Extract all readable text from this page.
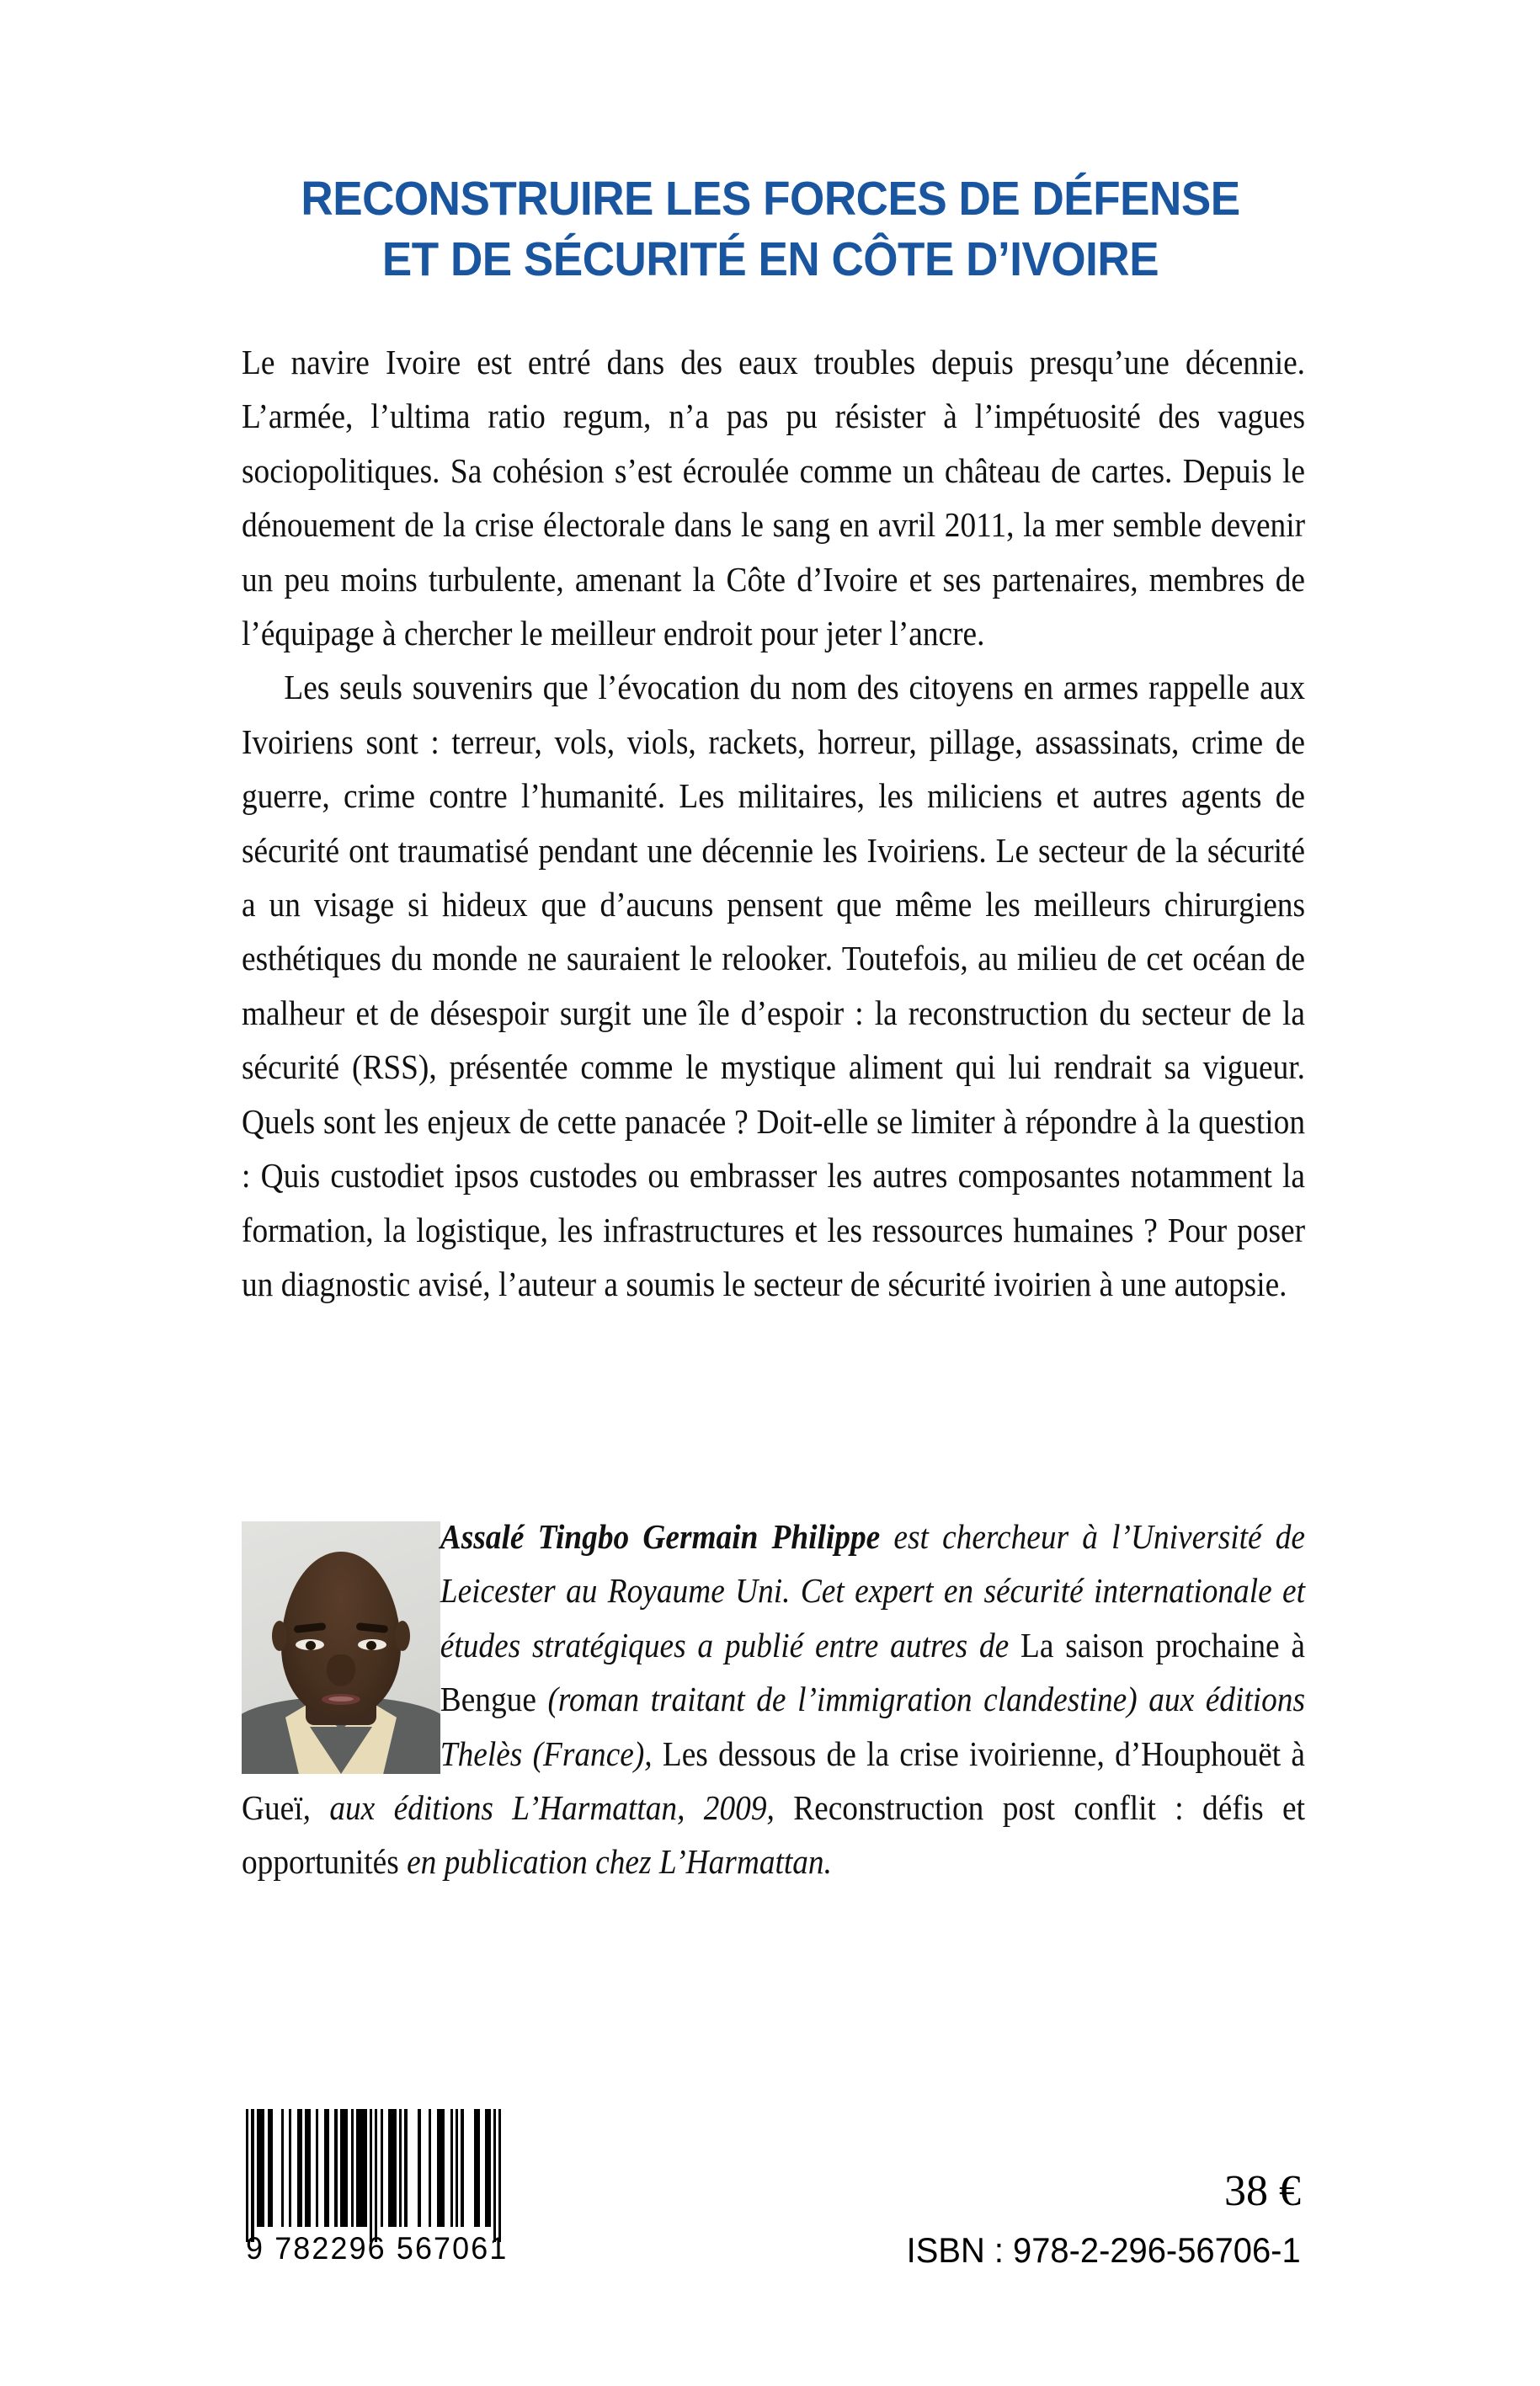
RECONSTRUIRE LES FORCES DE DÉFENSE
ET DE SÉCURITÉ EN CÔTE D’IVOIRE

Le navire Ivoire est entré dans des eaux troubles depuis presqu’une décennie. L’armée, l’ultima ratio regum, n’a pas pu résister à l’impétuosité des vagues sociopolitiques. Sa cohésion s’est écroulée comme un château de cartes. Depuis le dénouement de la crise électorale dans le sang en avril 2011, la mer semble devenir un peu moins turbulente, amenant la Côte d’Ivoire et ses partenaires, membres de l’équipage à chercher le meilleur endroit pour jeter l’ancre.

Les seuls souvenirs que l’évocation du nom des citoyens en armes rappelle aux Ivoiriens sont : terreur, vols, viols, rackets, horreur, pillage, assassinats, crime de guerre, crime contre l’humanité. Les militaires, les miliciens et autres agents de sécurité ont traumatisé pendant une décennie les Ivoiriens. Le secteur de la sécurité a un visage si hideux que d’aucuns pensent que même les meilleurs chirurgiens esthétiques du monde ne sauraient le relooker. Toutefois, au milieu de cet océan de malheur et de désespoir surgit une île d’espoir : la reconstruction du secteur de la sécurité (RSS), présentée comme le mystique aliment qui lui rendrait sa vigueur. Quels sont les enjeux de cette panacée ? Doit-elle se limiter à répondre à la question : Quis custodiet ipsos custodes ou embrasser les autres composantes notamment la formation, la logistique, les infrastructures et les ressources humaines ? Pour poser un diagnostic avisé, l’auteur a soumis le secteur de sécurité ivoirien à une autopsie.

Assalé Tingbo Germain Philippe est chercheur à l’Université de Leicester au Royaume Uni. Cet expert en sécurité internationale et études stratégiques a publié entre autres de La saison prochaine à Bengue (roman traitant de l’immigration clandestine) aux éditions Thelès (France), Les dessous de la crise ivoirienne, d’Houphouët à Gueï, aux éditions L’Harmattan, 2009, Reconstruction post conflit : défis et opportunités en publication chez L’Harmattan.

9 782296 567061
38 €
ISBN : 978-2-296-56706-1
